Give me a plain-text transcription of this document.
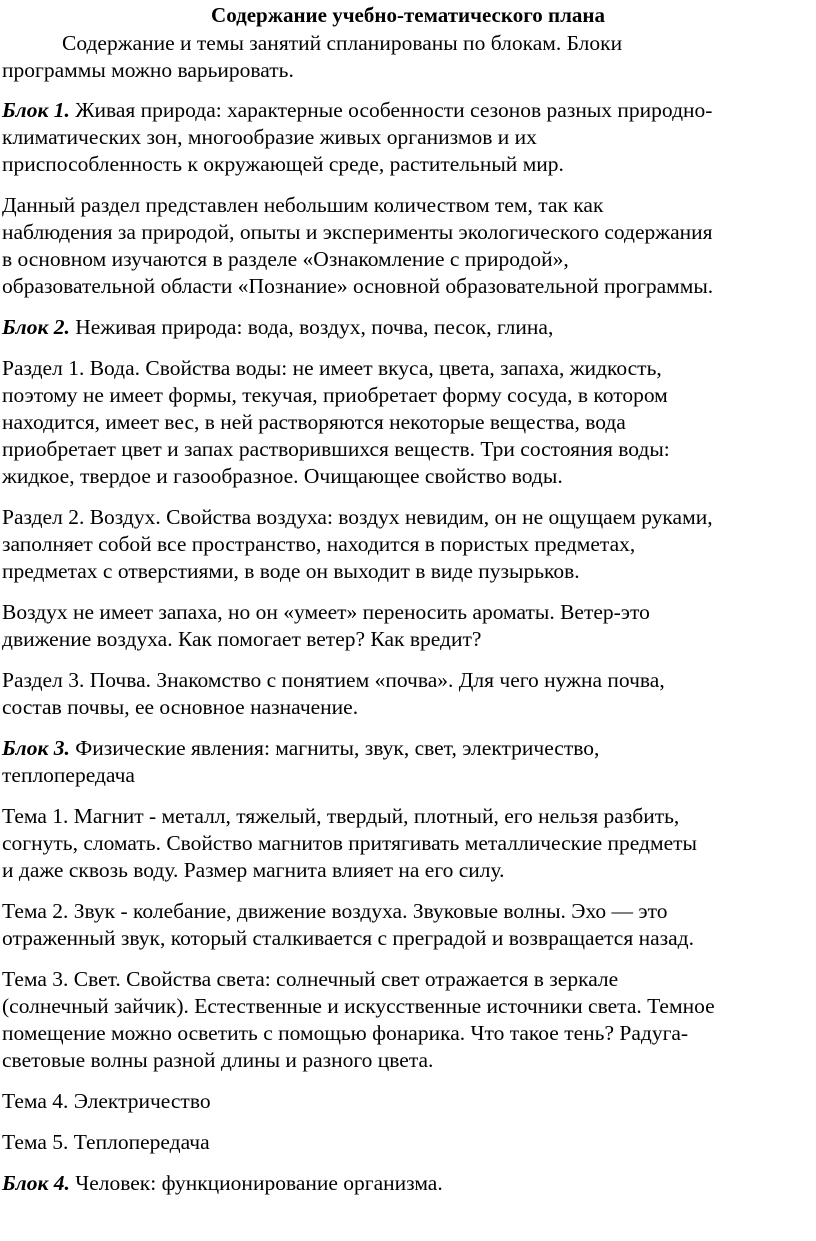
Содержание учебно-тематического плана

Содержание и темы занятий спланированы по блокам. Блоки
программы можно варьировать.

Блок 1. Живая природа: характерные особенности сезонов разных природно-
климатических зон, многообразие живых организмов и их
приспособленность к окружающей среде, растительный мир.

Данный раздел представлен небольшим количеством тем, так как
наблюдения за природой, опыты и эксперименты экологического содержания
в основном изучаются в разделе «Ознакомление с природой»,
образовательной области «Познание» основной образовательной программы.

Блок 2. Неживая природа: вода, воздух, почва, песок, глина,

Раздел 1. Вода. Свойства воды: не имеет вкуса, цвета, запаха, жидкость,
поэтому не имеет формы, текучая, приобретает форму сосуда, в котором
находится, имеет вес, в ней растворяются некоторые вещества, вода
приобретает цвет и запах растворившихся веществ. Три состояния воды:
жидкое, твердое и газообразное. Очищающее свойство воды.

Раздел 2. Воздух. Свойства воздуха: воздух невидим, он не ощущаем руками,
заполняет собой все пространство, находится в пористых предметах,
предметах с отверстиями, в воде он выходит в виде пузырьков.

Воздух не имеет запаха, но он «умеет» переносить ароматы. Ветер-это
движение воздуха. Как помогает ветер? Как вредит?

Раздел 3. Почва. Знакомство с понятием «почва». Для чего нужна почва,
состав почвы, ее основное назначение.

Блок 3. Физические явления: магниты, звук, свет, электричество,
теплопередача

Тема 1. Магнит - металл, тяжелый, твердый, плотный, его нельзя разбить,
согнуть, сломать. Свойство магнитов притягивать металлические предметы
и даже сквозь воду. Размер магнита влияет на его силу.

Тема 2. Звук - колебание, движение воздуха. Звуковые волны. Эхо — это
отраженный звук, который сталкивается с преградой и возвращается назад.

Тема 3. Свет. Свойства света: солнечный свет отражается в зеркале
(солнечный зайчик). Естественные и искусственные источники света. Темное
помещение можно осветить с помощью фонарика. Что такое тень? Радуга-
световые волны разной длины и разного цвета.

Тема 4. Электричество

Тема 5. Теплопередача

Блок 4. Человек: функционирование организма.
